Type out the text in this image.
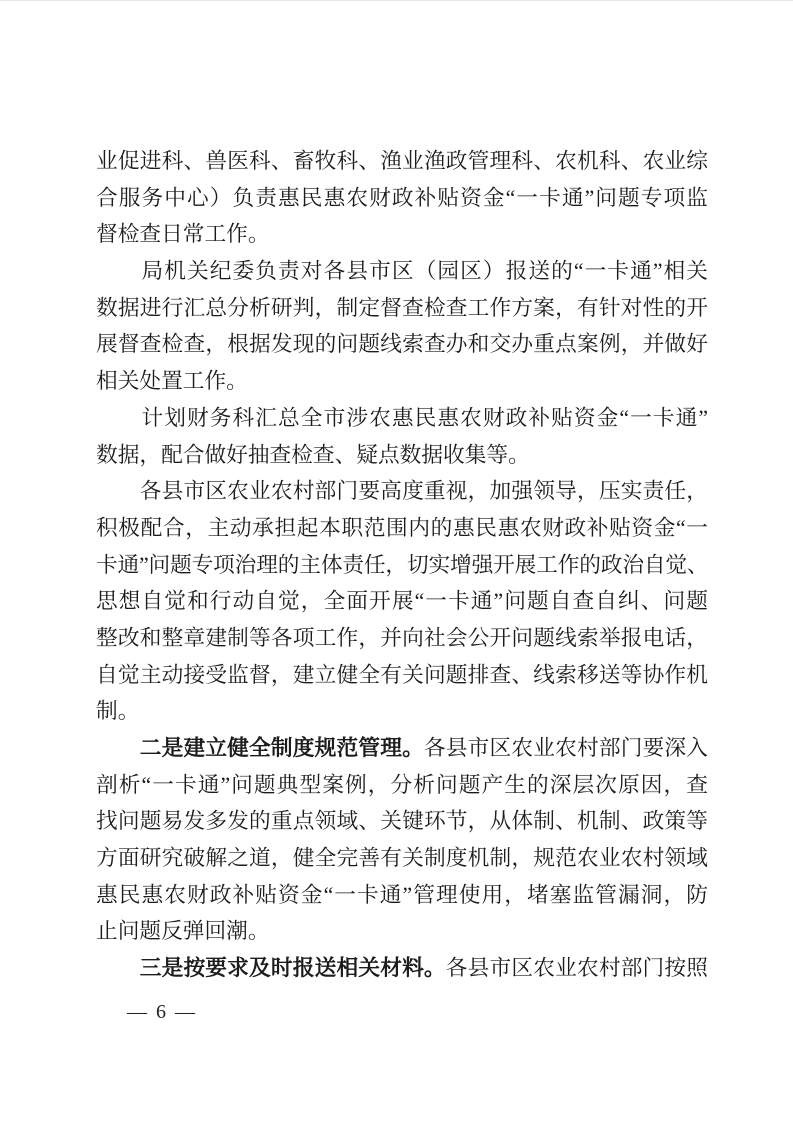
业促进科、兽医科、畜牧科、渔业渔政管理科、农机科、农业综
合服务中心）负责惠民惠农财政补贴资金“一卡通”问题专项监
督检查日常工作。
　　局机关纪委负责对各县市区（园区）报送的“一卡通”相关
数据进行汇总分析研判，制定督查检查工作方案，有针对性的开
展督查检查，根据发现的问题线索查办和交办重点案例，并做好
相关处置工作。
　　计划财务科汇总全市涉农惠民惠农财政补贴资金“一卡通”
数据，配合做好抽查检查、疑点数据收集等。
　　各县市区农业农村部门要高度重视，加强领导，压实责任，
积极配合，主动承担起本职范围内的惠民惠农财政补贴资金“一
卡通”问题专项治理的主体责任，切实增强开展工作的政治自觉、
思想自觉和行动自觉，全面开展“一卡通”问题自查自纠、问题
整改和整章建制等各项工作，并向社会公开问题线索举报电话，
自觉主动接受监督，建立健全有关问题排查、线索移送等协作机
制。
　　二是建立健全制度规范管理。各县市区农业农村部门要深入
剖析“一卡通”问题典型案例，分析问题产生的深层次原因，查
找问题易发多发的重点领域、关键环节，从体制、机制、政策等
方面研究破解之道，健全完善有关制度机制，规范农业农村领域
惠民惠农财政补贴资金“一卡通”管理使用，堵塞监管漏洞，防
止问题反弹回潮。
　　三是按要求及时报送相关材料。各县市区农业农村部门按照
— 6 —
